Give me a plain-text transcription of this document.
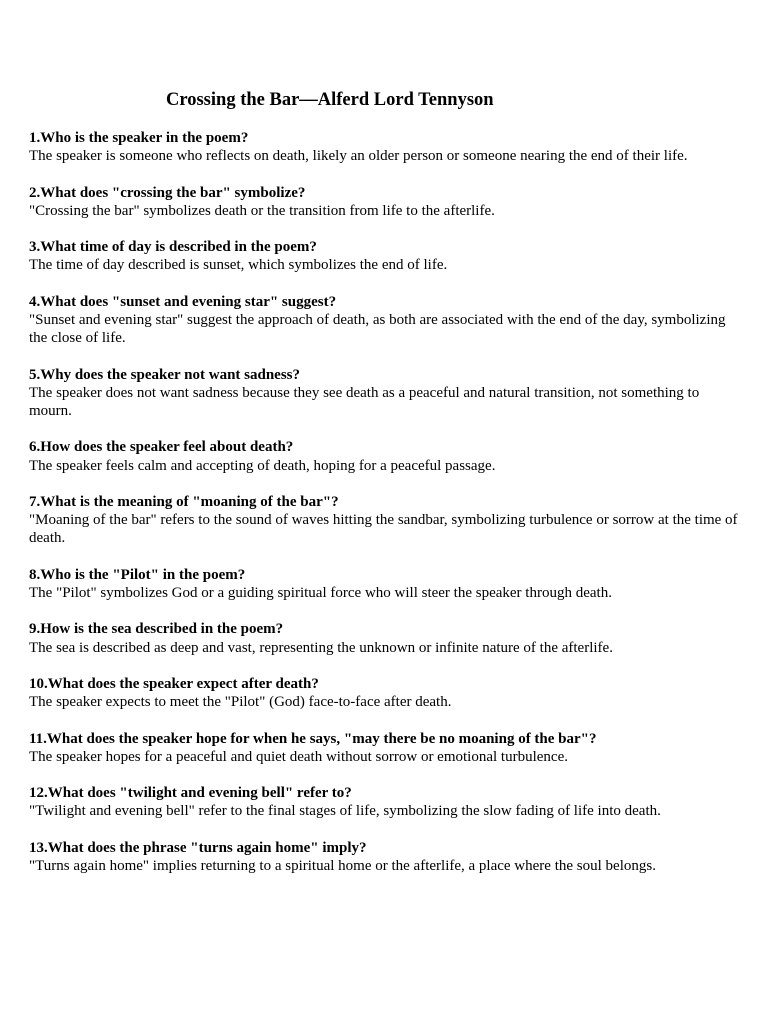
Crossing the Bar—Alferd Lord Tennyson

1.Who is the speaker in the poem?

The speaker is someone who reflects on death, likely an older person or someone nearing the end of their life.

2.What does "crossing the bar" symbolize?

"Crossing the bar" symbolizes death or the transition from life to the afterlife.

3.What time of day is described in the poem?

The time of day described is sunset, which symbolizes the end of life.

4.What does "sunset and evening star" suggest?

"Sunset and evening star" suggest the approach of death, as both are associated with the end of the day, symbolizing the close of life.

5.Why does the speaker not want sadness?

The speaker does not want sadness because they see death as a peaceful and natural transition, not something to mourn.

6.How does the speaker feel about death?

The speaker feels calm and accepting of death, hoping for a peaceful passage.

7.What is the meaning of "moaning of the bar"?

"Moaning of the bar" refers to the sound of waves hitting the sandbar, symbolizing turbulence or sorrow at the time of death.

8.Who is the "Pilot" in the poem?

The "Pilot" symbolizes God or a guiding spiritual force who will steer the speaker through death.

9.How is the sea described in the poem?

The sea is described as deep and vast, representing the unknown or infinite nature of the afterlife.

10.What does the speaker expect after death?

The speaker expects to meet the "Pilot" (God) face-to-face after death.

11.What does the speaker hope for when he says, "may there be no moaning of the bar"?

The speaker hopes for a peaceful and quiet death without sorrow or emotional turbulence.

12.What does "twilight and evening bell" refer to?

"Twilight and evening bell" refer to the final stages of life, symbolizing the slow fading of life into death.

13.What does the phrase "turns again home" imply?

"Turns again home" implies returning to a spiritual home or the afterlife, a place where the soul belongs.
